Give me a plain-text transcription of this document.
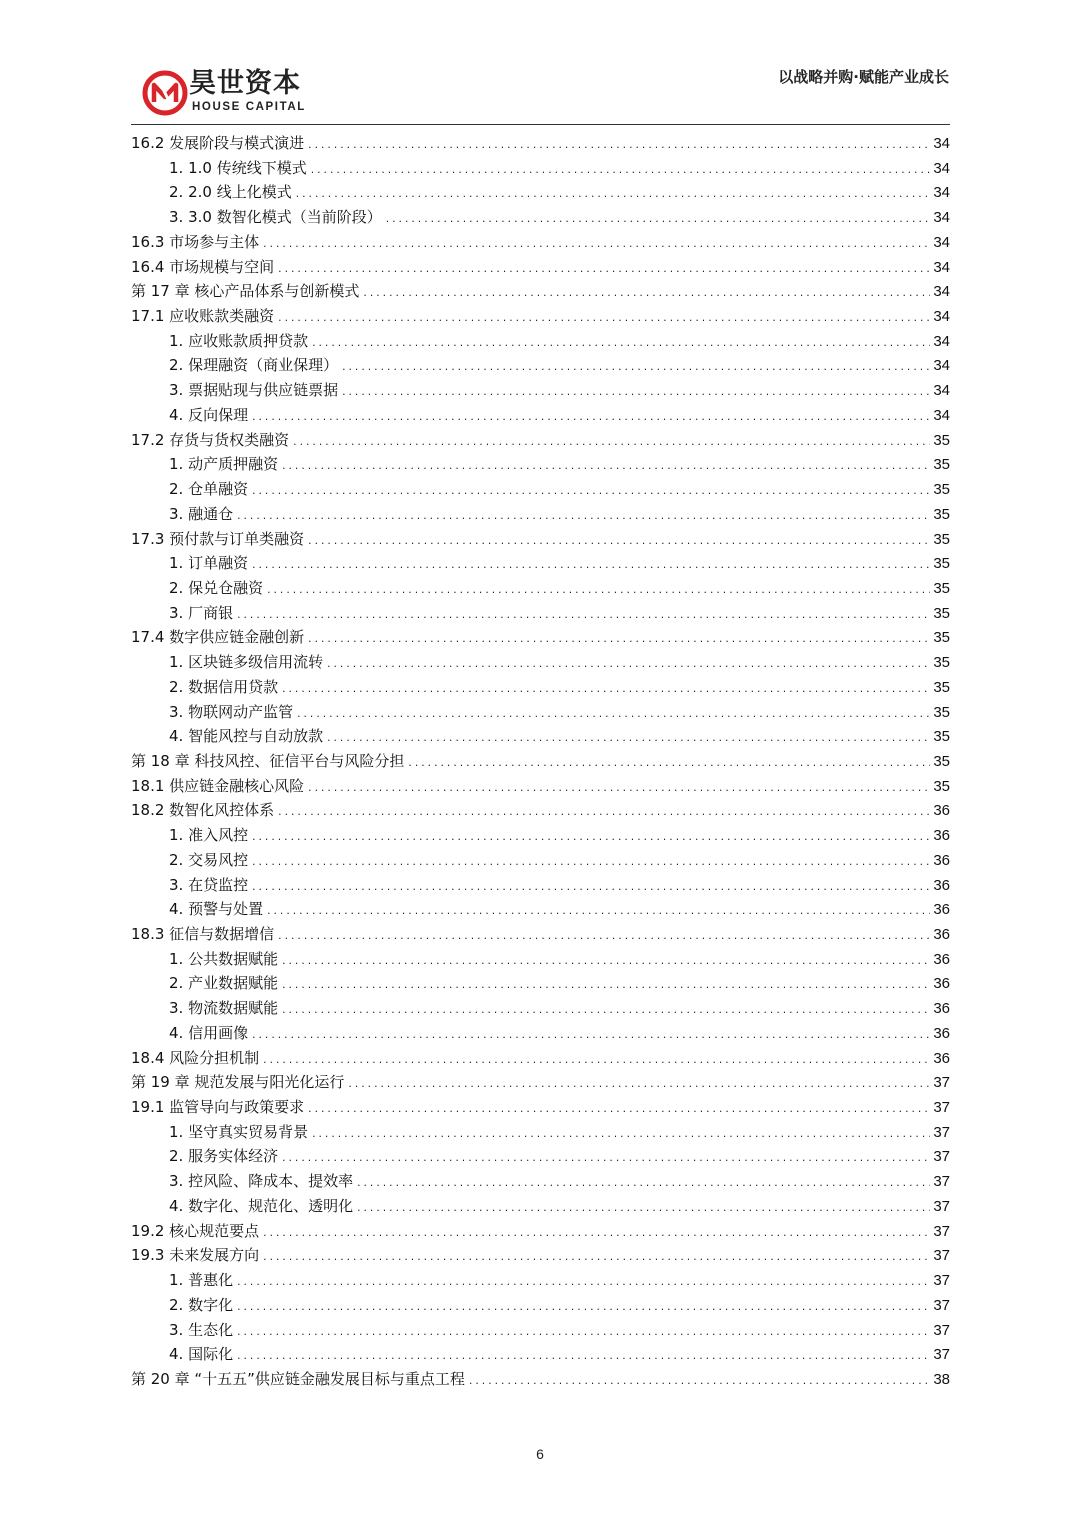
昊世资本
HOUSE CAPITAL
以战略并购·赋能产业成长
16.2 发展阶段与模式演进 .....	34
1. 1.0 传统线下模式 .....	34
2. 2.0 线上化模式 .....	34
3. 3.0 数智化模式（当前阶段） .....	34
16.3 市场参与主体 .....	34
16.4 市场规模与空间 .....	34
第 17 章 核心产品体系与创新模式 .....	34
17.1 应收账款类融资 .....	34
1. 应收账款质押贷款 .....	34
2. 保理融资（商业保理） .....	34
3. 票据贴现与供应链票据 .....	34
4. 反向保理 .....	34
17.2 存货与货权类融资 .....	35
1. 动产质押融资 .....	35
2. 仓单融资 .....	35
3. 融通仓 .....	35
17.3 预付款与订单类融资 .....	35
1. 订单融资 .....	35
2. 保兑仓融资 .....	35
3. 厂商银 .....	35
17.4 数字供应链金融创新 .....	35
1. 区块链多级信用流转 .....	35
2. 数据信用贷款 .....	35
3. 物联网动产监管 .....	35
4. 智能风控与自动放款 .....	35
第 18 章 科技风控、征信平台与风险分担 .....	35
18.1 供应链金融核心风险 .....	35
18.2 数智化风控体系 .....	36
1. 准入风控 .....	36
2. 交易风控 .....	36
3. 在贷监控 .....	36
4. 预警与处置 .....	36
18.3 征信与数据增信 .....	36
1. 公共数据赋能 .....	36
2. 产业数据赋能 .....	36
3. 物流数据赋能 .....	36
4. 信用画像 .....	36
18.4 风险分担机制 .....	36
第 19 章 规范发展与阳光化运行 .....	37
19.1 监管导向与政策要求 .....	37
1. 坚守真实贸易背景 .....	37
2. 服务实体经济 .....	37
3. 控风险、降成本、提效率 .....	37
4. 数字化、规范化、透明化 .....	37
19.2 核心规范要点 .....	37
19.3 未来发展方向 .....	37
1. 普惠化 .....	37
2. 数字化 .....	37
3. 生态化 .....	37
4. 国际化 .....	37
第 20 章 “十五五”供应链金融发展目标与重点工程 .....	38
6
